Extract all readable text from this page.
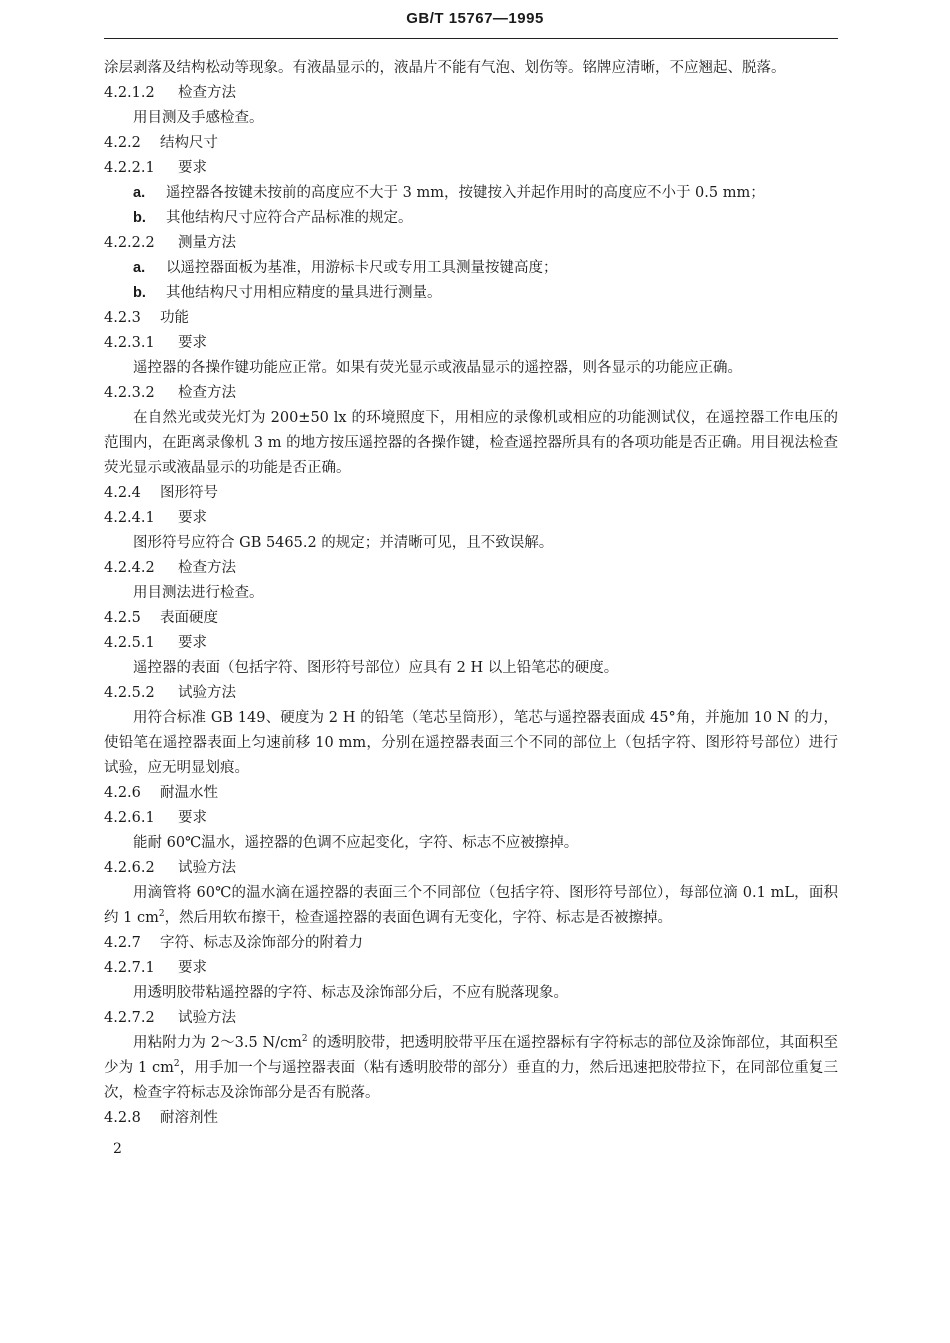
GB/T 15767—1995
涂层剥落及结构松动等现象。有液晶显示的，液晶片不能有气泡、划伤等。铭牌应清晰，不应翘起、脱落。
4.2.1.2 检查方法
用目测及手感检查。
4.2.2 结构尺寸
4.2.2.1 要求
a. 遥控器各按键未按前的高度应不大于 3 mm，按键按入并起作用时的高度应不小于 0.5 mm；
b. 其他结构尺寸应符合产品标准的规定。
4.2.2.2 测量方法
a. 以遥控器面板为基准，用游标卡尺或专用工具测量按键高度；
b. 其他结构尺寸用相应精度的量具进行测量。
4.2.3 功能
4.2.3.1 要求
遥控器的各操作键功能应正常。如果有荧光显示或液晶显示的遥控器，则各显示的功能应正确。
4.2.3.2 检查方法
在自然光或荧光灯为 200±50 lx 的环境照度下，用相应的录像机或相应的功能测试仪，在遥控器工作电压的范围内，在距离录像机 3 m 的地方按压遥控器的各操作键，检查遥控器所具有的各项功能是否正确。用目视法检查荧光显示或液晶显示的功能是否正确。
4.2.4 图形符号
4.2.4.1 要求
图形符号应符合 GB 5465.2 的规定；并清晰可见，且不致误解。
4.2.4.2 检查方法
用目测法进行检查。
4.2.5 表面硬度
4.2.5.1 要求
遥控器的表面（包括字符、图形符号部位）应具有 2 H 以上铅笔芯的硬度。
4.2.5.2 试验方法
用符合标准 GB 149、硬度为 2 H 的铅笔（笔芯呈筒形），笔芯与遥控器表面成 45°角，并施加 10 N 的力，使铅笔在遥控器表面上匀速前移 10 mm，分别在遥控器表面三个不同的部位上（包括字符、图形符号部位）进行试验，应无明显划痕。
4.2.6 耐温水性
4.2.6.1 要求
能耐 60℃温水，遥控器的色调不应起变化，字符、标志不应被擦掉。
4.2.6.2 试验方法
用滴管将 60℃的温水滴在遥控器的表面三个不同部位（包括字符、图形符号部位），每部位滴 0.1 mL，面积约 1 $cm^2$，然后用软布擦干，检查遥控器的表面色调有无变化，字符、标志是否被擦掉。
4.2.7 字符、标志及涂饰部分的附着力
4.2.7.1 要求
用透明胶带粘遥控器的字符、标志及涂饰部分后，不应有脱落现象。
4.2.7.2 试验方法
用粘附力为 2～3.5 $N/cm^2$ 的透明胶带，把透明胶带平压在遥控器标有字符标志的部位及涂饰部位，其面积至少为 1 $cm^2$，用手加一个与遥控器表面（粘有透明胶带的部分）垂直的力，然后迅速把胶带拉下，在同部位重复三次，检查字符标志及涂饰部分是否有脱落。
4.2.8 耐溶剂性
2
